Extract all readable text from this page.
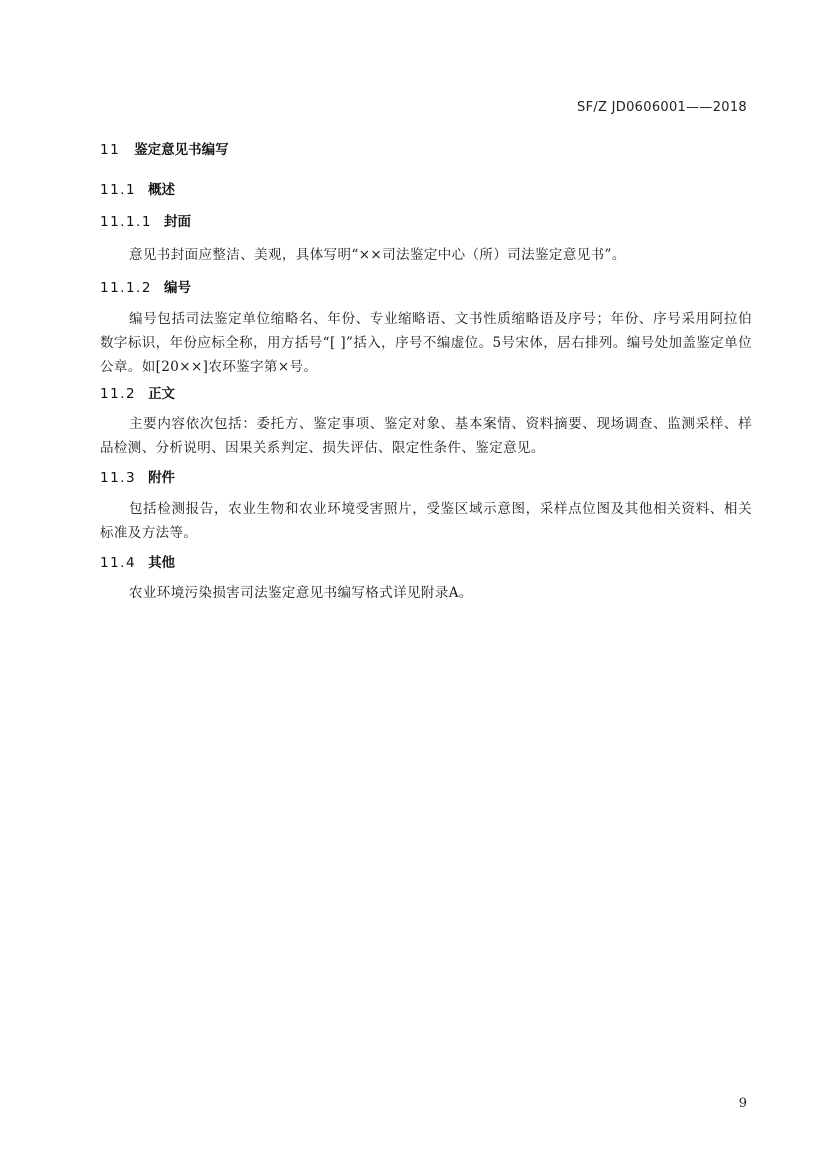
SF/Z JD0606001——2018
11 鉴定意见书编写
11.1 概述
11.1.1 封面
意见书封面应整洁、美观，具体写明“××司法鉴定中心（所）司法鉴定意见书”。
11.1.2 编号
编号包括司法鉴定单位缩略名、年份、专业缩略语、文书性质缩略语及序号；年份、序号采用阿拉伯数字标识，年份应标全称，用方括号“[ ]”括入，序号不编虚位。5号宋体，居右排列。编号处加盖鉴定单位公章。如[20××]农环鉴字第×号。
11.2 正文
主要内容依次包括：委托方、鉴定事项、鉴定对象、基本案情、资料摘要、现场调查、监测采样、样品检测、分析说明、因果关系判定、损失评估、限定性条件、鉴定意见。
11.3 附件
包括检测报告，农业生物和农业环境受害照片，受鉴区域示意图，采样点位图及其他相关资料、相关标准及方法等。
11.4 其他
农业环境污染损害司法鉴定意见书编写格式详见附录A。
9
